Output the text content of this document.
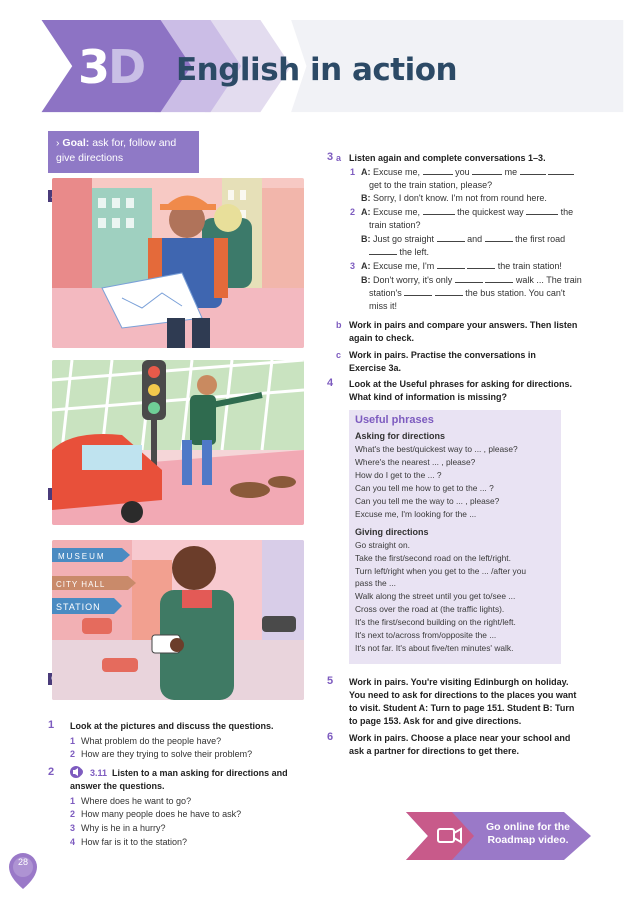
3D English in action
› Goal: ask for, follow and give directions
MUSEUM
CITY HALL
STATION
1 Look at the pictures and discuss the questions.
1 What problem do the people have?
2 How are they trying to solve their problem?
2	3.11 Listen to a man asking for directions and
answer the questions.
1 Where does he want to go?
2 How many people does he have to ask?
3 Why is he in a hurry?
4 How far is it to the station?
3 a Listen again and complete conversations 1–3.
1 A: Excuse me,	you	me
get to the train station, please?
B: Sorry, I don't know. I'm not from round here.
2 A: Excuse me,	the quickest way	the
train station?
B: Just go straight	and	the first road
the left.
3 A: Excuse me, I'm	the train station!
B: Don't worry, it's only	walk ... The train
station's	the bus station. You can't
miss it!
b Work in pairs and compare your answers. Then listen
again to check.
c Work in pairs. Practise the conversations in
Exercise 3a.
4 Look at the Useful phrases for asking for directions.
What kind of information is missing?
Useful phrases
Asking for directions
What's the best/quickest way to ... , please?
Where's the nearest ... , please?
How do I get to the ... ?
Can you tell me how to get to the ... ?
Can you tell me the way to ... , please?
Excuse me, I'm looking for the ...
Giving directions
Go straight on.
Take the first/second road on the left/right.
Turn left/right when you get to the ... /after you
pass the ...
Walk along the street until you get to/see ...
Cross over the road at (the traffic lights).
It's the first/second building on the right/left.
It's next to/across from/opposite the ...
It's not far. It's about five/ten minutes' walk.
5 Work in pairs. You're visiting Edinburgh on holiday.
You need to ask for directions to the places you want
to visit. Student A: Turn to page 151. Student B: Turn
to page 153. Ask for and give directions.
6 Work in pairs. Choose a place near your school and
ask a partner for directions to get there.
Go online for the
Roadmap video.
28
